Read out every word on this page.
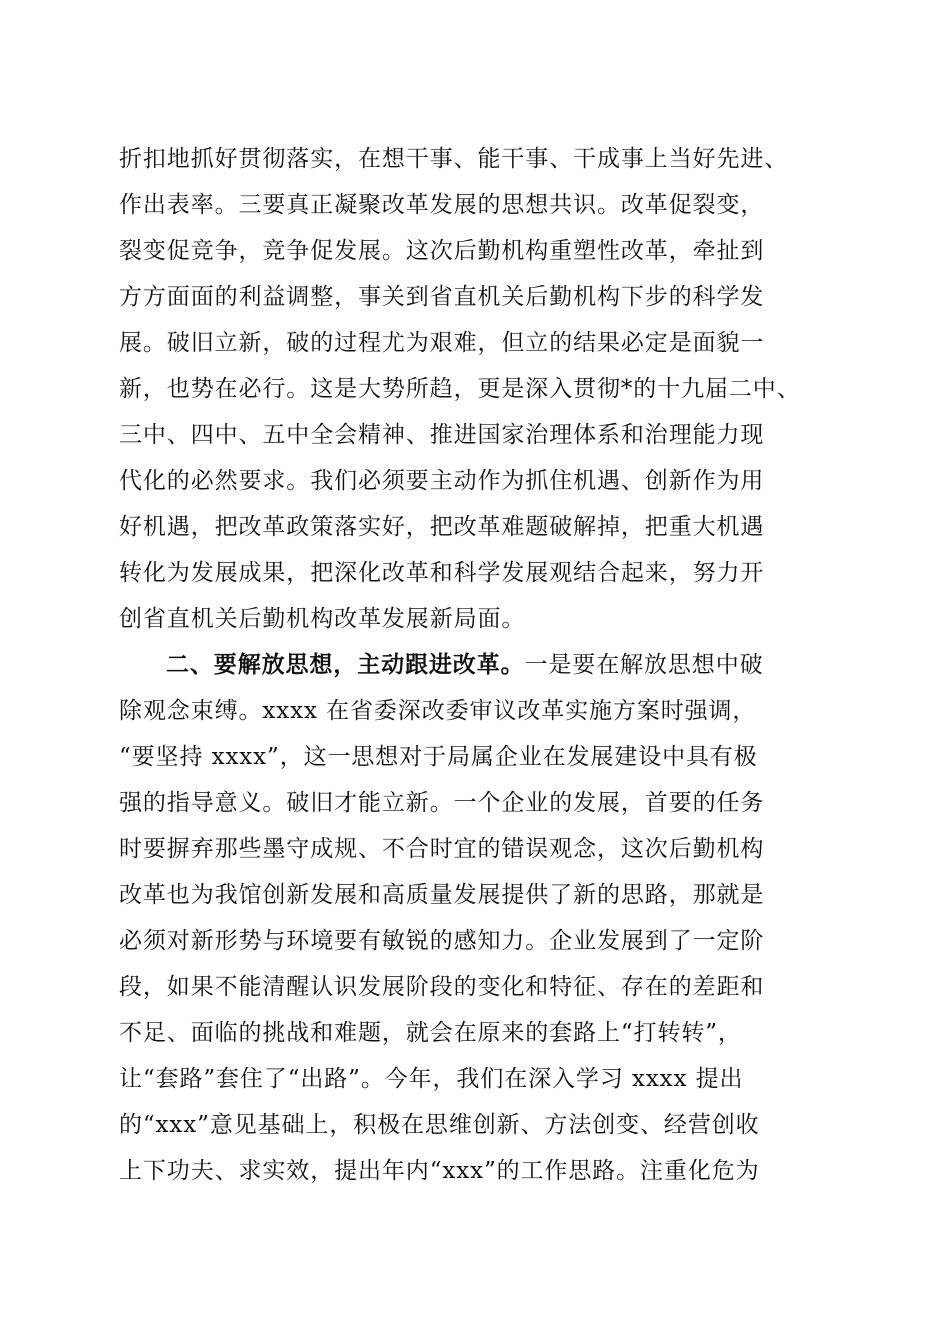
折扣地抓好贯彻落实，在想干事、能干事、干成事上当好先进、
作出表率。三要真正凝聚改革发展的思想共识。改革促裂变，
裂变促竞争，竞争促发展。这次后勤机构重塑性改革，牵扯到
方方面面的利益调整，事关到省直机关后勤机构下步的科学发
展。破旧立新，破的过程尤为艰难，但立的结果必定是面貌一
新，也势在必行。这是大势所趋，更是深入贯彻*的十九届二中、
三中、四中、五中全会精神、推进国家治理体系和治理能力现
代化的必然要求。我们必须要主动作为抓住机遇、创新作为用
好机遇，把改革政策落实好，把改革难题破解掉，把重大机遇
转化为发展成果，把深化改革和科学发展观结合起来，努力开
创省直机关后勤机构改革发展新局面。
二、要解放思想，主动跟进改革。一是要在解放思想中破
除观念束缚。xxxx 在省委深改委审议改革实施方案时强调，
“要坚持 xxxx”，这一思想对于局属企业在发展建设中具有极
强的指导意义。破旧才能立新。一个企业的发展，首要的任务
时要摒弃那些墨守成规、不合时宜的错误观念，这次后勤机构
改革也为我馆创新发展和高质量发展提供了新的思路，那就是
必须对新形势与环境要有敏锐的感知力。企业发展到了一定阶
段，如果不能清醒认识发展阶段的变化和特征、存在的差距和
不足、面临的挑战和难题，就会在原来的套路上“打转转”，
让“套路”套住了“出路”。今年，我们在深入学习 xxxx 提出
的“xxx”意见基础上，积极在思维创新、方法创变、经营创收
上下功夫、求实效，提出年内“xxx”的工作思路。注重化危为
